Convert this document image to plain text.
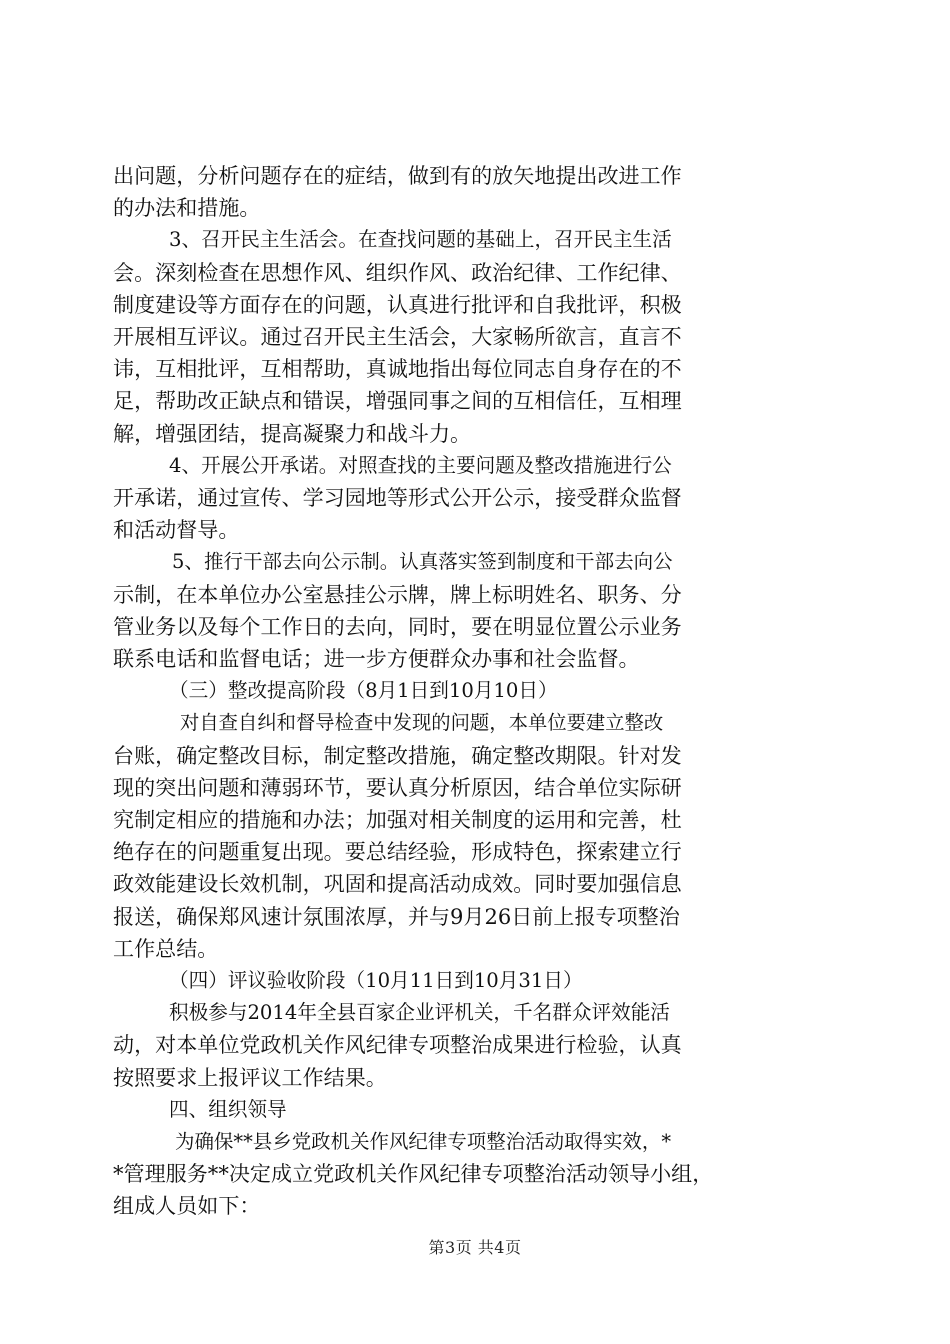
出问题，分析问题存在的症结，做到有的放矢地提出改进工作
的办法和措施。
3、召开民主生活会。在查找问题的基础上，召开民主生活
会。深刻检查在思想作风、组织作风、政治纪律、工作纪律、
制度建设等方面存在的问题，认真进行批评和自我批评，积极
开展相互评议。通过召开民主生活会，大家畅所欲言，直言不
讳，互相批评，互相帮助，真诚地指出每位同志自身存在的不
足，帮助改正缺点和错误，增强同事之间的互相信任，互相理
解，增强团结，提高凝聚力和战斗力。
4、开展公开承诺。对照查找的主要问题及整改措施进行公
开承诺，通过宣传、学习园地等形式公开公示，接受群众监督
和活动督导。
5、推行干部去向公示制。认真落实签到制度和干部去向公
示制，在本单位办公室悬挂公示牌，牌上标明姓名、职务、分
管业务以及每个工作日的去向，同时，要在明显位置公示业务
联系电话和监督电话；进一步方便群众办事和社会监督。
（三）整改提高阶段（8月1日到10月10日）
对自查自纠和督导检查中发现的问题，本单位要建立整改
台账，确定整改目标，制定整改措施，确定整改期限。针对发
现的突出问题和薄弱环节，要认真分析原因，结合单位实际研
究制定相应的措施和办法；加强对相关制度的运用和完善，杜
绝存在的问题重复出现。要总结经验，形成特色，探索建立行
政效能建设长效机制，巩固和提高活动成效。同时要加强信息
报送，确保郑风速计氛围浓厚，并与9月26日前上报专项整治
工作总结。
（四）评议验收阶段（10月11日到10月31日）
积极参与2014年全县百家企业评机关，千名群众评效能活
动，对本单位党政机关作风纪律专项整治成果进行检验，认真
按照要求上报评议工作结果。
四、组织领导
为确保**县乡党政机关作风纪律专项整治活动取得实效，*
*管理服务**决定成立党政机关作风纪律专项整治活动领导小组，
组成人员如下：
第3页 共4页
